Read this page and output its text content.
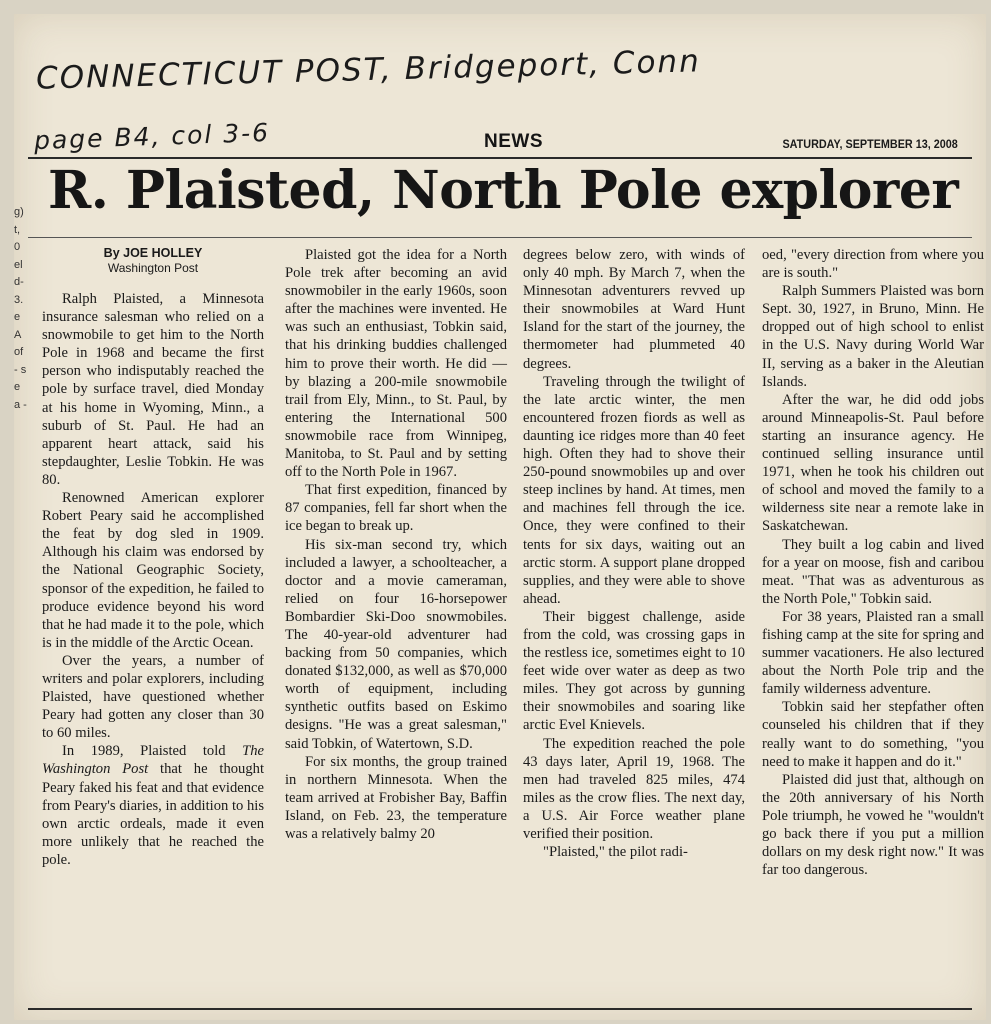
g) t, 0 el d- 3. e A of - s e a -
CONNECTICUT POST, Bridgeport, Conn
page B4, col 3-6	NEWS	SATURDAY, SEPTEMBER 13, 2008
R. Plaisted, North Pole explorer
By JOE HOLLEY
Washington Post

Ralph Plaisted, a Minnesota insurance salesman who relied on a snowmobile to get him to the North Pole in 1968 and became the first person who indisputably reached the pole by surface travel, died Monday at his home in Wyoming, Minn., a suburb of St. Paul. He had an apparent heart attack, said his stepdaughter, Leslie Tobkin. He was 80.

Renowned American explorer Robert Peary said he accomplished the feat by dog sled in 1909. Although his claim was endorsed by the National Geographic Society, sponsor of the expedition, he failed to produce evidence beyond his word that he had made it to the pole, which is in the middle of the Arctic Ocean.

Over the years, a number of writers and polar explorers, including Plaisted, have questioned whether Peary had gotten any closer than 30 to 60 miles.

In 1989, Plaisted told The Washington Post that he thought Peary faked his feat and that evidence from Peary's diaries, in addition to his own arctic ordeals, made it even more unlikely that he reached the pole.

Plaisted got the idea for a North Pole trek after becoming an avid snowmobiler in the early 1960s, soon after the machines were invented. He was such an enthusiast, Tobkin said, that his drinking buddies challenged him to prove their worth. He did — by blazing a 200-mile snowmobile trail from Ely, Minn., to St. Paul, by entering the International 500 snowmobile race from Winnipeg, Manitoba, to St. Paul and by setting off to the North Pole in 1967.

That first expedition, financed by 87 companies, fell far short when the ice began to break up.

His six-man second try, which included a lawyer, a schoolteacher, a doctor and a movie cameraman, relied on four 16-horsepower Bombardier Ski-Doo snowmobiles. The 40-year-old adventurer had backing from 50 companies, which donated $132,000, as well as $70,000 worth of equipment, including synthetic outfits based on Eskimo designs. "He was a great salesman," said Tobkin, of Watertown, S.D.

For six months, the group trained in northern Minnesota. When the team arrived at Frobisher Bay, Baffin Island, on Feb. 23, the temperature was a relatively balmy 20

degrees below zero, with winds of only 40 mph. By March 7, when the Minnesotan adventurers revved up their snowmobiles at Ward Hunt Island for the start of the journey, the thermometer had plummeted 40 degrees.

Traveling through the twilight of the late arctic winter, the men encountered frozen fiords as well as daunting ice ridges more than 40 feet high. Often they had to shove their 250-pound snowmobiles up and over steep inclines by hand. At times, men and machines fell through the ice. Once, they were confined to their tents for six days, waiting out an arctic storm. A support plane dropped supplies, and they were able to shove ahead.

Their biggest challenge, aside from the cold, was crossing gaps in the restless ice, sometimes eight to 10 feet wide over water as deep as two miles. They got across by gunning their snowmobiles and soaring like arctic Evel Knievels.

The expedition reached the pole 43 days later, April 19, 1968. The men had traveled 825 miles, 474 miles as the crow flies. The next day, a U.S. Air Force weather plane verified their position.

"Plaisted," the pilot radi-

oed, "every direction from where you are is south."

Ralph Summers Plaisted was born Sept. 30, 1927, in Bruno, Minn. He dropped out of high school to enlist in the U.S. Navy during World War II, serving as a baker in the Aleutian Islands.

After the war, he did odd jobs around Minneapolis-St. Paul before starting an insurance agency. He continued selling insurance until 1971, when he took his children out of school and moved the family to a wilderness site near a remote lake in Saskatchewan.

They built a log cabin and lived for a year on moose, fish and caribou meat. "That was as adventurous as the North Pole," Tobkin said.

For 38 years, Plaisted ran a small fishing camp at the site for spring and summer vacationers. He also lectured about the North Pole trip and the family wilderness adventure.

Tobkin said her stepfather often counseled his children that if they really want to do something, "you need to make it happen and do it."

Plaisted did just that, although on the 20th anniversary of his North Pole triumph, he vowed he "wouldn't go back there if you put a million dollars on my desk right now." It was far too dangerous.
